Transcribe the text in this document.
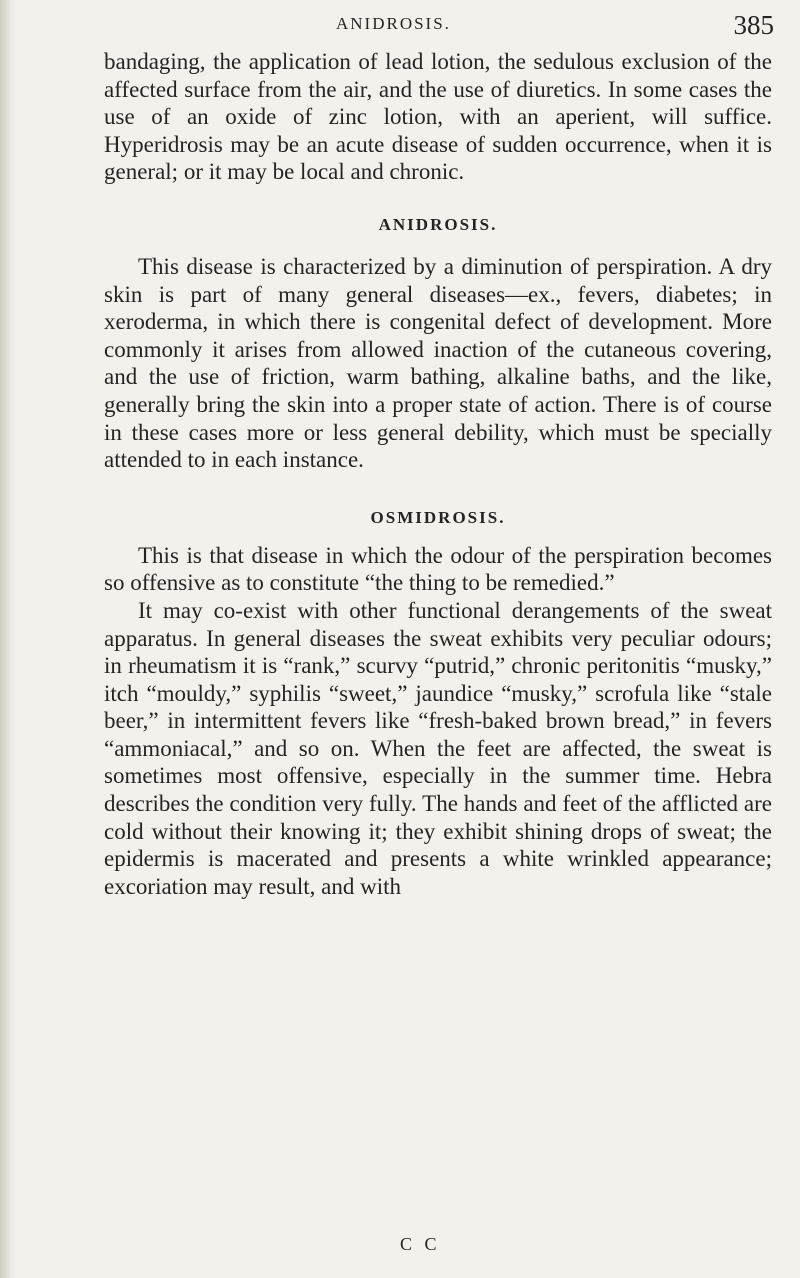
ANIDROSIS.	385

bandaging, the application of lead lotion, the sedulous exclusion of the affected surface from the air, and the use of diuretics. In some cases the use of an oxide of zinc lotion, with an aperient, will suffice. Hyperidrosis may be an acute disease of sudden occurrence, when it is general; or it may be local and chronic.

ANIDROSIS.

This disease is characterized by a diminution of perspiration. A dry skin is part of many general diseases—ex., fevers, diabetes; in xeroderma, in which there is congenital defect of development. More commonly it arises from allowed inaction of the cutaneous covering, and the use of friction, warm bathing, alkaline baths, and the like, generally bring the skin into a proper state of action. There is of course in these cases more or less general debility, which must be specially attended to in each instance.

OSMIDROSIS.

This is that disease in which the odour of the perspiration becomes so offensive as to constitute “the thing to be remedied.”

It may co-exist with other functional derangements of the sweat apparatus. In general diseases the sweat exhibits very peculiar odours; in rheumatism it is “rank,” scurvy “putrid,” chronic peritonitis “musky,” itch “mouldy,” syphilis “sweet,” jaundice “musky,” scrofula like “stale beer,” in intermittent fevers like “fresh-baked brown bread,” in fevers “ammoniacal,” and so on. When the feet are affected, the sweat is sometimes most offensive, especially in the summer time. Hebra describes the condition very fully. The hands and feet of the afflicted are cold without their knowing it; they exhibit shining drops of sweat; the epidermis is macerated and presents a white wrinkled appearance; excoriation may result, and with

C C
